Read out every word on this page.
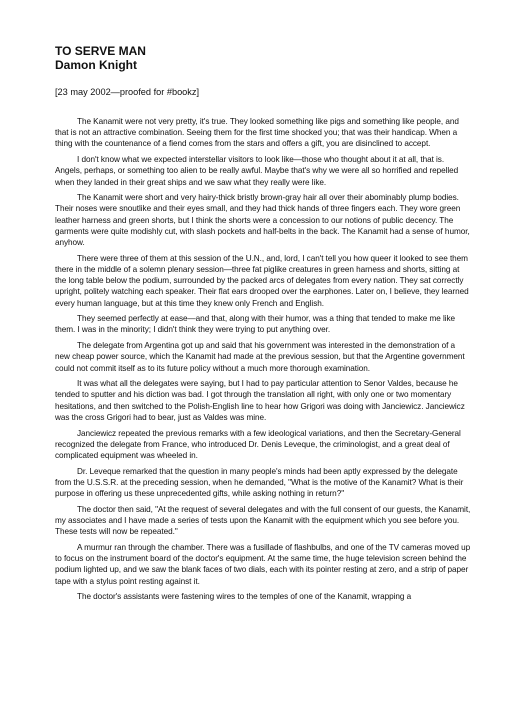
TO SERVE MAN
Damon Knight
[23 may 2002—proofed for #bookz]

The Kanamit were not very pretty, it's true. They looked something like pigs and something like people, and that is not an attractive combination. Seeing them for the first time shocked you; that was their handicap. When a thing with the countenance of a fiend comes from the stars and offers a gift, you are disinclined to accept.

I don't know what we expected interstellar visitors to look like—those who thought about it at all, that is. Angels, perhaps, or something too alien to be really awful. Maybe that's why we were all so horrified and repelled when they landed in their great ships and we saw what they really were like.

The Kanamit were short and very hairy-thick bristly brown-gray hair all over their abominably plump bodies. Their noses were snoutlike and their eyes small, and they had thick hands of three fingers each. They wore green leather harness and green shorts, but I think the shorts were a concession to our notions of public decency. The garments were quite modishly cut, with slash pockets and half-belts in the back. The Kanamit had a sense of humor, anyhow.

There were three of them at this session of the U.N., and, lord, I can't tell you how queer it looked to see them there in the middle of a solemn plenary session—three fat piglike creatures in green harness and shorts, sitting at the long table below the podium, surrounded by the packed arcs of delegates from every nation. They sat correctly upright, politely watching each speaker. Their flat ears drooped over the earphones. Later on, I believe, they learned every human language, but at this time they knew only French and English.

They seemed perfectly at ease—and that, along with their humor, was a thing that tended to make me like them. I was in the minority; I didn't think they were trying to put anything over.

The delegate from Argentina got up and said that his government was interested in the demonstration of a new cheap power source, which the Kanamit had made at the previous session, but that the Argentine government could not commit itself as to its future policy without a much more thorough examination.

It was what all the delegates were saying, but I had to pay particular attention to Senor Valdes, because he tended to sputter and his diction was bad. I got through the translation all right, with only one or two momentary hesitations, and then switched to the Polish-English line to hear how Grigori was doing with Janciewicz. Janciewicz was the cross Grigori had to bear, just as Valdes was mine.

Janciewicz repeated the previous remarks with a few ideological variations, and then the Secretary-General recognized the delegate from France, who introduced Dr. Denis Leveque, the criminologist, and a great deal of complicated equipment was wheeled in.

Dr. Leveque remarked that the question in many people's minds had been aptly expressed by the delegate from the U.S.S.R. at the preceding session, when he demanded, "What is the motive of the Kanamit? What is their purpose in offering us these unprecedented gifts, while asking nothing in return?"

The doctor then said, "At the request of several delegates and with the full consent of our guests, the Kanamit, my associates and I have made a series of tests upon the Kanamit with the equipment which you see before you. These tests will now be repeated."

A murmur ran through the chamber. There was a fusillade of flashbulbs, and one of the TV cameras moved up to focus on the instrument board of the doctor's equipment. At the same time, the huge television screen behind the podium lighted up, and we saw the blank faces of two dials, each with its pointer resting at zero, and a strip of paper tape with a stylus point resting against it.

The doctor's assistants were fastening wires to the temples of one of the Kanamit, wrapping a
